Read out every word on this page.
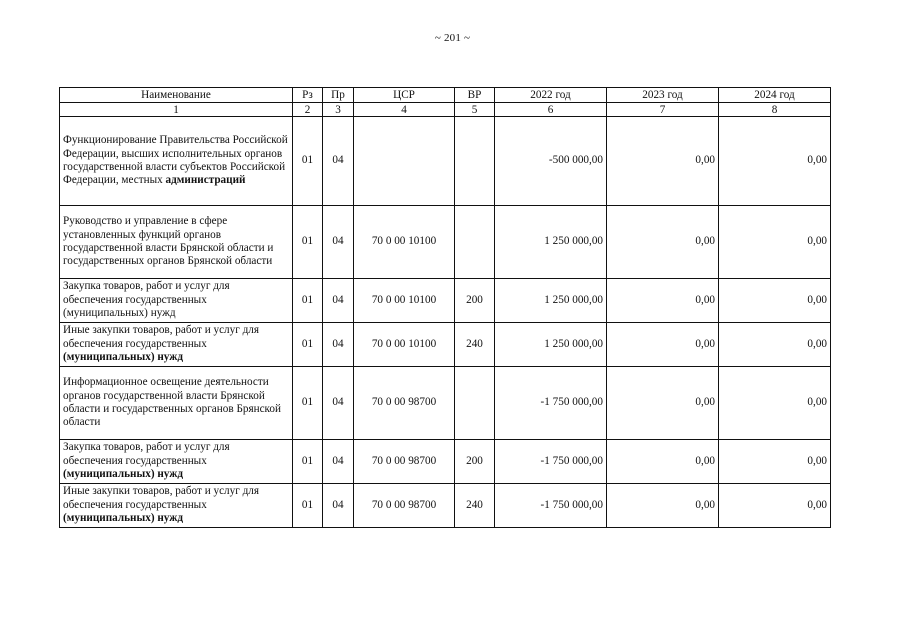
~ 201 ~
Наименование	Рз	Пр	ЦСР	ВР	2022 год	2023 год	2024 год
1	2	3	4	5	6	7	8
Функционирование Правительства Российской Федерации, высших исполнительных органов государственной власти субъектов Российской Федерации, местных администраций	01	04			-500 000,00	0,00	0,00
Руководство и управление в сфере установленных функций органов государственной власти Брянской области и государственных органов Брянской области	01	04	70 0 00 10100		1 250 000,00	0,00	0,00
Закупка товаров, работ и услуг для обеспечения государственных (муниципальных) нужд	01	04	70 0 00 10100	200	1 250 000,00	0,00	0,00
Иные закупки товаров, работ и услуг для обеспечения государственных (муниципальных) нужд	01	04	70 0 00 10100	240	1 250 000,00	0,00	0,00
Информационное освещение деятельности органов государственной власти Брянской области и государственных органов Брянской области	01	04	70 0 00 98700		-1 750 000,00	0,00	0,00
Закупка товаров, работ и услуг для обеспечения государственных (муниципальных) нужд	01	04	70 0 00 98700	200	-1 750 000,00	0,00	0,00
Иные закупки товаров, работ и услуг для обеспечения государственных (муниципальных) нужд	01	04	70 0 00 98700	240	-1 750 000,00	0,00	0,00
